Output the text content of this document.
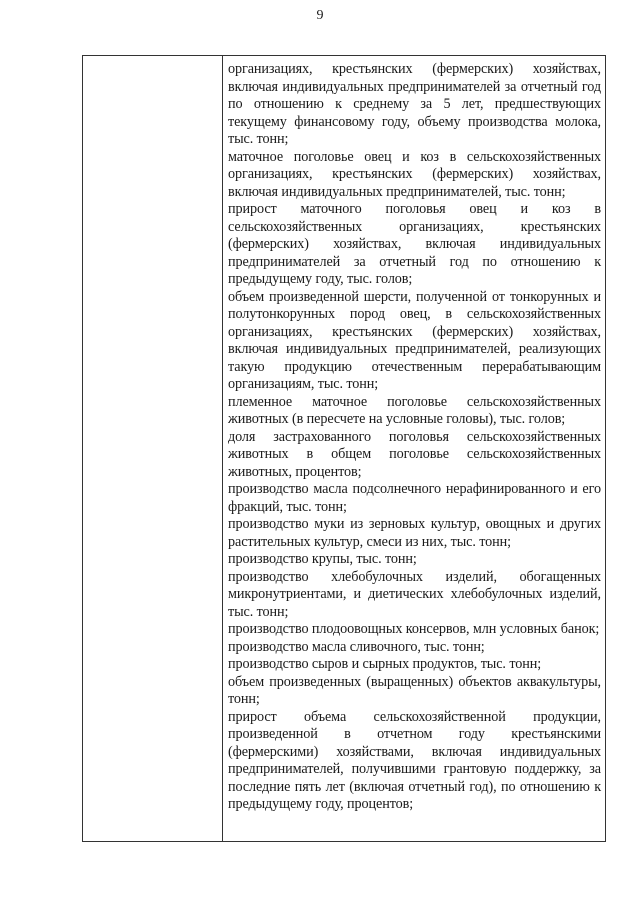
9

организациях, крестьянских (фермерских) хозяйствах, включая индивидуальных предпринимателей за отчетный год по отношению к среднему за 5 лет, предшествующих текущему финансовому году, объему производства молока, тыс. тонн;

маточное поголовье овец и коз в сельскохозяйственных организациях, крестьянских (фермерских) хозяйствах, включая индивидуальных предпринимателей, тыс. тонн;

прирост маточного поголовья овец и коз в сельскохозяйственных организациях, крестьянских (фермерских) хозяйствах, включая индивидуальных предпринимателей за отчетный год по отношению к предыдущему году, тыс. голов;

объем произведенной шерсти, полученной от тонкорунных и полутонкорунных пород овец, в сельскохозяйственных организациях, крестьянских (фермерских) хозяйствах, включая индивидуальных предпринимателей, реализующих такую продукцию отечественным перерабатывающим организациям, тыс. тонн;

племенное маточное поголовье сельскохозяйственных животных (в пересчете на условные головы), тыс. голов;

доля застрахованного поголовья сельскохозяйственных животных в общем поголовье сельскохозяйственных животных, процентов;

производство масла подсолнечного нерафинированного и его фракций, тыс. тонн;

производство муки из зерновых культур, овощных и других растительных культур, смеси из них, тыс. тонн;

производство крупы, тыс. тонн;

производство хлебобулочных изделий, обогащенных микронутриентами, и диетических хлебобулочных изделий, тыс. тонн;

производство плодоовощных консервов, млн условных банок;

производство масла сливочного, тыс. тонн;

производство сыров и сырных продуктов, тыс. тонн;

объем произведенных (выращенных) объектов аквакультуры, тонн;

прирост объема сельскохозяйственной продукции, произведенной в отчетном году крестьянскими (фермерскими) хозяйствами, включая индивидуальных предпринимателей, получившими грантовую поддержку, за последние пять лет (включая отчетный год), по отношению к предыдущему году, процентов;
